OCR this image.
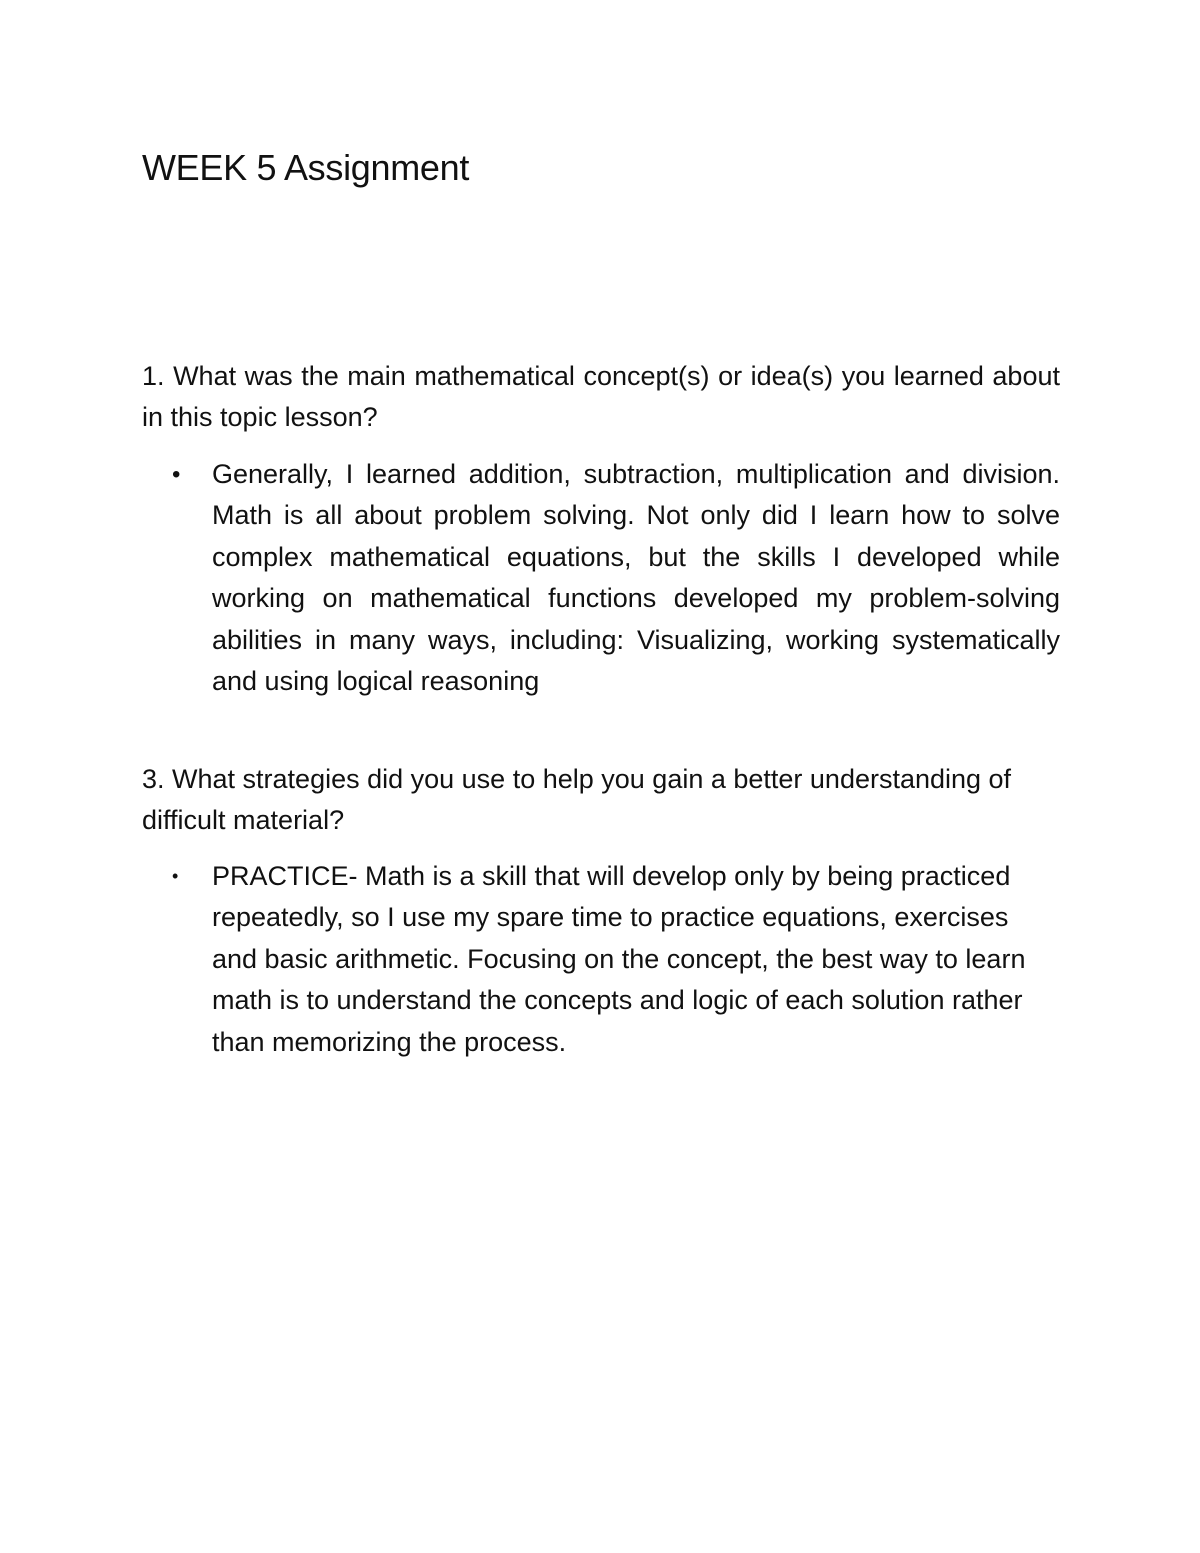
WEEK 5 Assignment

1. What was the main mathematical concept(s) or idea(s) you learned about in this topic lesson?

•	Generally, I learned addition, subtraction, multiplication and division. Math is all about problem solving. Not only did I learn how to solve complex mathematical equations, but the skills I developed while working on mathematical functions developed my problem-solving abilities in many ways, including: Visualizing, working systematically and using logical reasoning

3. What strategies did you use to help you gain a better understanding of difficult material?

•	PRACTICE- Math is a skill that will develop only by being practiced repeatedly, so I use my spare time to practice equations, exercises and basic arithmetic. Focusing on the concept, the best way to learn math is to understand the concepts and logic of each solution rather than memorizing the process.
